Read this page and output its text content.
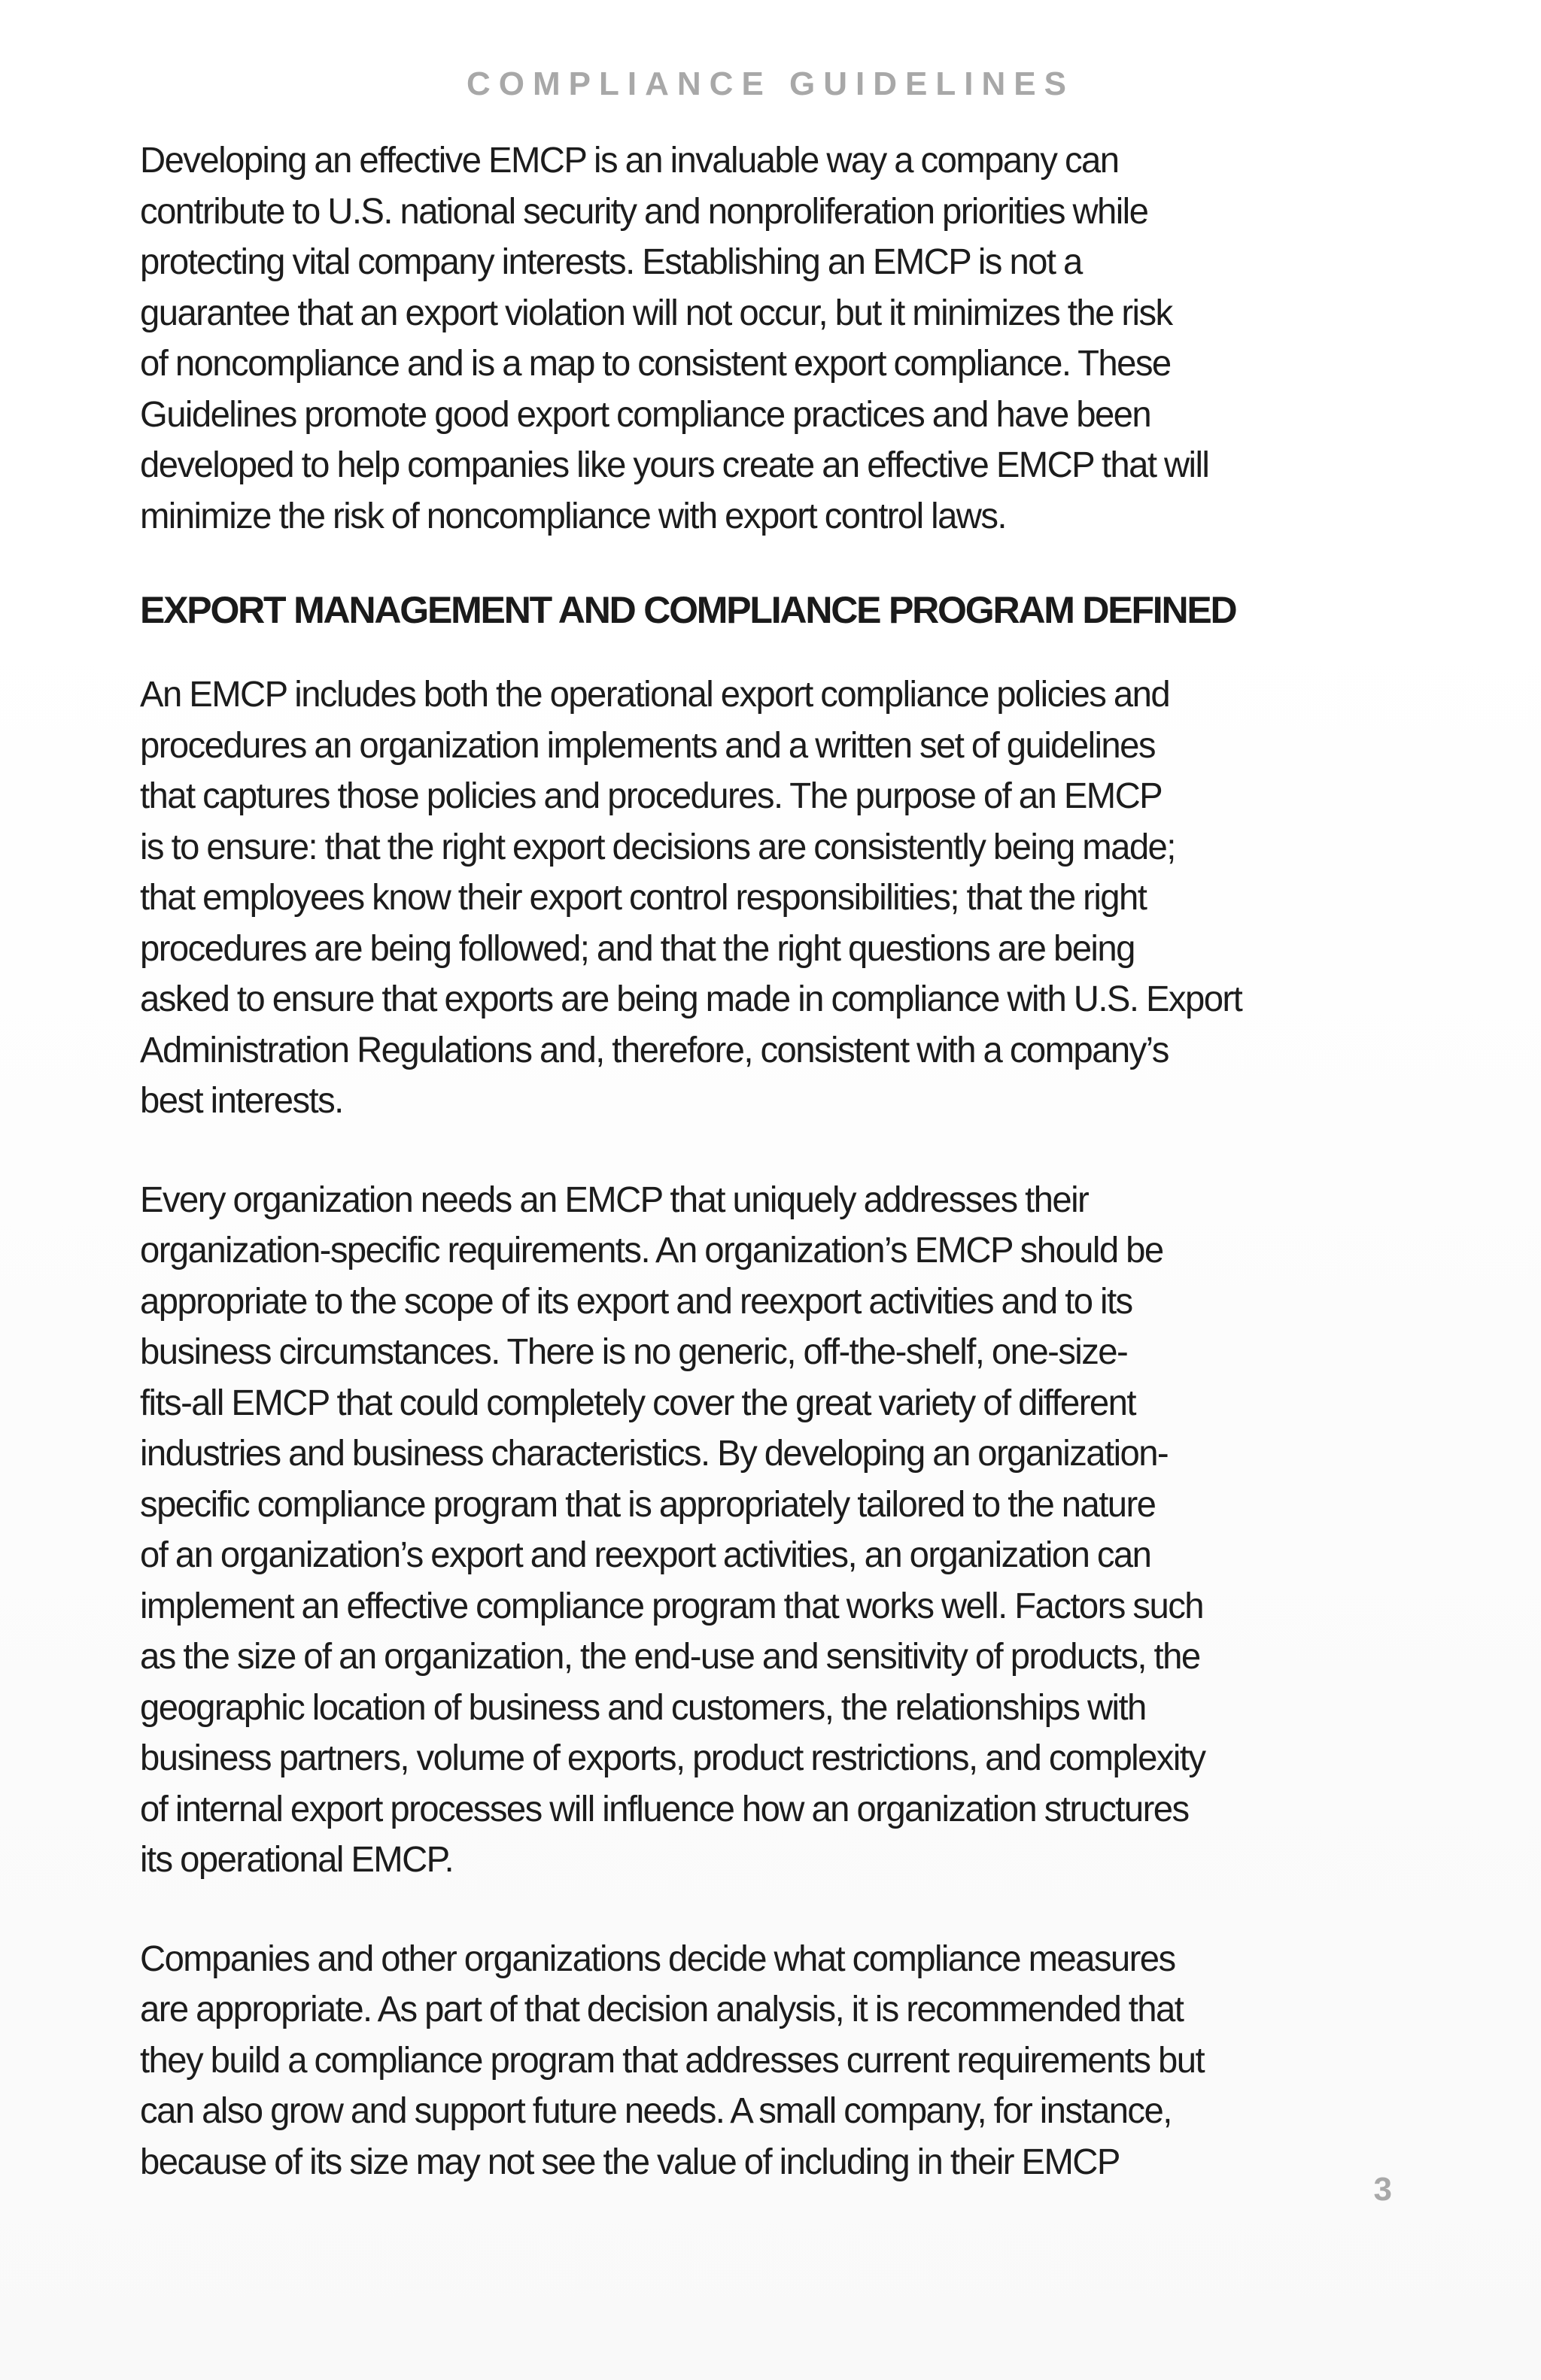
COMPLIANCE GUIDELINES

Developing an effective EMCP is an invaluable way a company can
contribute to U.S. national security and nonproliferation priorities while
protecting vital company interests. Establishing an EMCP is not a
guarantee that an export violation will not occur, but it minimizes the risk
of noncompliance and is a map to consistent export compliance. These
Guidelines promote good export compliance practices and have been
developed to help companies like yours create an effective EMCP that will
minimize the risk of noncompliance with export control laws.

EXPORT MANAGEMENT AND COMPLIANCE PROGRAM DEFINED

An EMCP includes both the operational export compliance policies and
procedures an organization implements and a written set of guidelines
that captures those policies and procedures. The purpose of an EMCP
is to ensure: that the right export decisions are consistently being made;
that employees know their export control responsibilities; that the right
procedures are being followed; and that the right questions are being
asked to ensure that exports are being made in compliance with U.S. Export
Administration Regulations and, therefore, consistent with a company’s
best interests.

Every organization needs an EMCP that uniquely addresses their
organization-specific requirements. An organization’s EMCP should be
appropriate to the scope of its export and reexport activities and to its
business circumstances. There is no generic, off-the-shelf, one-size-
fits-all EMCP that could completely cover the great variety of different
industries and business characteristics. By developing an organization-
specific compliance program that is appropriately tailored to the nature
of an organization’s export and reexport activities, an organization can
implement an effective compliance program that works well. Factors such
as the size of an organization, the end-use and sensitivity of products, the
geographic location of business and customers, the relationships with
business partners, volume of exports, product restrictions, and complexity
of internal export processes will influence how an organization structures
its operational EMCP.

Companies and other organizations decide what compliance measures
are appropriate. As part of that decision analysis, it is recommended that
they build a compliance program that addresses current requirements but
can also grow and support future needs. A small company, for instance,
because of its size may not see the value of including in their EMCP

3
